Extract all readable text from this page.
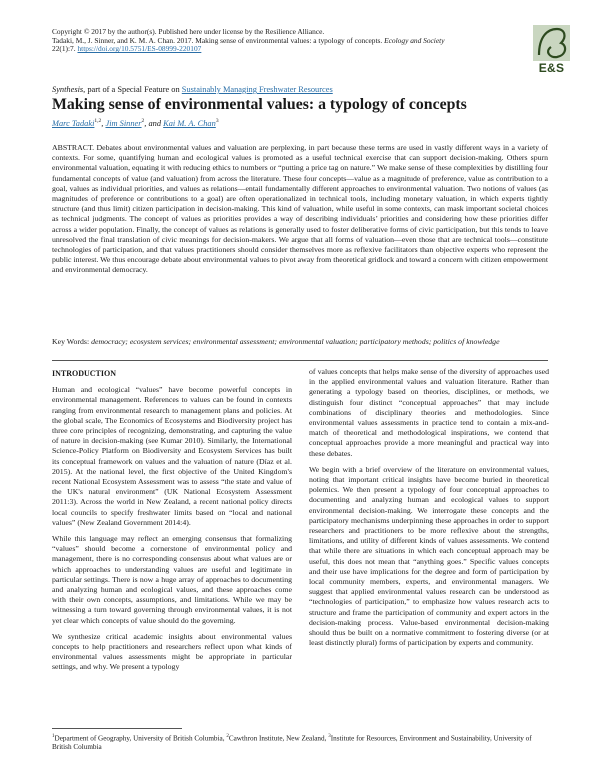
Copyright © 2017 by the author(s). Published here under license by the Resilience Alliance.
Tadaki, M., J. Sinner, and K. M. A. Chan. 2017. Making sense of environmental values: a typology of concepts. Ecology and Society
22(1):7. https://doi.org/10.5751/ES-08999-220107
E&S
Synthesis, part of a Special Feature on Sustainably Managing Freshwater Resources
Making sense of environmental values: a typology of concepts
Marc Tadaki$^{1,2}$, Jim Sinner$^2$, and Kai M. A. Chan$^3$
ABSTRACT. Debates about environmental values and valuation are perplexing, in part because these terms are used in vastly different ways in a variety of contexts. For some, quantifying human and ecological values is promoted as a useful technical exercise that can support decision-making. Others spurn environmental valuation, equating it with reducing ethics to numbers or “putting a price tag on nature.” We make sense of these complexities by distilling four fundamental concepts of value (and valuation) from across the literature. These four concepts—value as a magnitude of preference, value as contribution to a goal, values as individual priorities, and values as relations—entail fundamentally different approaches to environmental valuation. Two notions of values (as magnitudes of preference or contributions to a goal) are often operationalized in technical tools, including monetary valuation, in which experts tightly structure (and thus limit) citizen participation in decision-making. This kind of valuation, while useful in some contexts, can mask important societal choices as technical judgments. The concept of values as priorities provides a way of describing individuals’ priorities and considering how these priorities differ across a wider population. Finally, the concept of values as relations is generally used to foster deliberative forms of civic participation, but this tends to leave unresolved the final translation of civic meanings for decision-makers. We argue that all forms of valuation—even those that are technical tools—constitute technologies of participation, and that values practitioners should consider themselves more as reflexive facilitators than objective experts who represent the public interest. We thus encourage debate about environmental values to pivot away from theoretical gridlock and toward a concern with citizen empowerment and environmental democracy.
Key Words: democracy; ecosystem services; environmental assessment; environmental valuation; participatory methods; politics of knowledge

INTRODUCTION

Human and ecological “values” have become powerful concepts in environmental management. References to values can be found in contexts ranging from environmental research to management plans and policies. At the global scale, The Economics of Ecosystems and Biodiversity project has three core principles of recognizing, demonstrating, and capturing the value of nature in decision-making (see Kumar 2010). Similarly, the International Science-Policy Platform on Biodiversity and Ecosystem Services has built its conceptual framework on values and the valuation of nature (Díaz et al. 2015). At the national level, the first objective of the United Kingdom's recent National Ecosystem Assessment was to assess “the state and value of the UK's natural environment” (UK National Ecosystem Assessment 2011:3). Across the world in New Zealand, a recent national policy directs local councils to specify freshwater limits based on “local and national values” (New Zealand Government 2014:4).

While this language may reflect an emerging consensus that formalizing “values” should become a cornerstone of environmental policy and management, there is no corresponding consensus about what values are or which approaches to understanding values are useful and legitimate in particular settings. There is now a huge array of approaches to documenting and analyzing human and ecological values, and these approaches come with their own concepts, assumptions, and limitations. While we may be witnessing a turn toward governing through environmental values, it is not yet clear which concepts of value should do the governing.

We synthesize critical academic insights about environmental values concepts to help practitioners and researchers reflect upon what kinds of environmental values assessments might be appropriate in particular settings, and why. We present a typology

of values concepts that helps make sense of the diversity of approaches used in the applied environmental values and valuation literature. Rather than generating a typology based on theories, disciplines, or methods, we distinguish four distinct “conceptual approaches” that may include combinations of disciplinary theories and methodologies. Since environmental values assessments in practice tend to contain a mix-and-match of theoretical and methodological inspirations, we contend that conceptual approaches provide a more meaningful and practical way into these debates.

We begin with a brief overview of the literature on environmental values, noting that important critical insights have become buried in theoretical polemics. We then present a typology of four conceptual approaches to documenting and analyzing human and ecological values to support environmental decision-making. We interrogate these concepts and the participatory mechanisms underpinning these approaches in order to support researchers and practitioners to be more reflexive about the strengths, limitations, and utility of different kinds of values assessments. We contend that while there are situations in which each conceptual approach may be useful, this does not mean that “anything goes.” Specific values concepts and their use have implications for the degree and form of participation by local community members, experts, and environmental managers. We suggest that applied environmental values research can be understood as “technologies of participation,” to emphasize how values research acts to structure and frame the participation of community and expert actors in the decision-making process. Value-based environmental decision-making should thus be built on a normative commitment to fostering diverse (or at least distinctly plural) forms of participation by experts and community.

$^1$Department of Geography, University of British Columbia, $^2$Cawthron Institute, New Zealand, $^3$Institute for Resources, Environment and Sustainability, University of British Columbia
